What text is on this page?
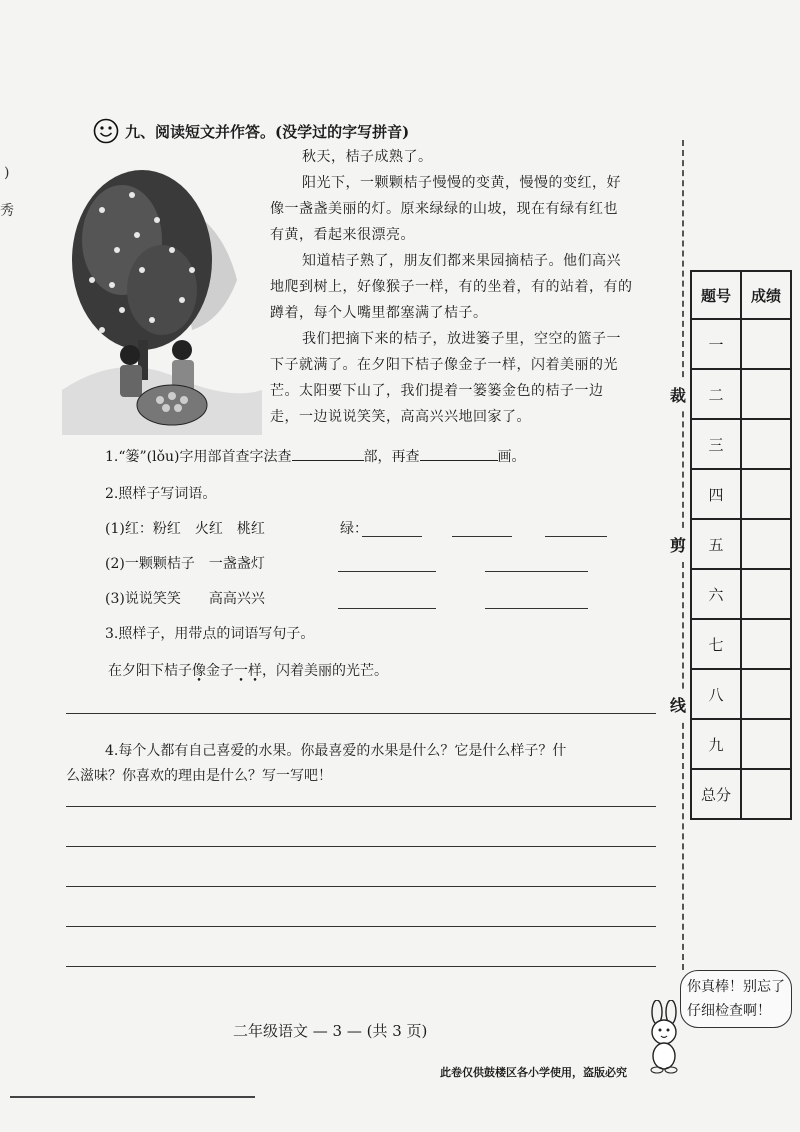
)
秀
九、阅读短文并作答。(没学过的字写拼音)
秋天，桔子成熟了。
阳光下，一颗颗桔子慢慢的变黄，慢慢的变红，好
像一盏盏美丽的灯。原来绿绿的山坡，现在有绿有红也
有黄，看起来很漂亮。
知道桔子熟了，朋友们都来果园摘桔子。他们高兴
地爬到树上，好像猴子一样，有的坐着，有的站着，有的
蹲着，每个人嘴里都塞满了桔子。
我们把摘下来的桔子，放进篓子里，空空的篮子一
下子就满了。在夕阳下桔子像金子一样，闪着美丽的光
芒。太阳要下山了，我们提着一篓篓金色的桔子一边
走，一边说说笑笑，高高兴兴地回家了。
1.“篓”(lǒu)字用部首查字法查	部，再查	画。
2.照样子写词语。
(1)红：粉红　火红　桃红	绿：
(2)一颗颗桔子　一盏盏灯
(3)说说笑笑　　高高兴兴
3.照样子，用带点的词语写句子。
在夕阳下桔子像金子一样，闪着美丽的光芒。
4.每个人都有自己喜爱的水果。你最喜爱的水果是什么？它是什么样子？什
么滋味？你喜欢的理由是什么？写一写吧！
裁
剪
线
题号	成绩
一	
二	
三	
四	
五	
六	
七	
八	
九	
总分	
你真棒！别忘了
仔细检查啊！
二年级语文 — 3 — (共 3 页)
此卷仅供鼓楼区各小学使用，盗版必究
